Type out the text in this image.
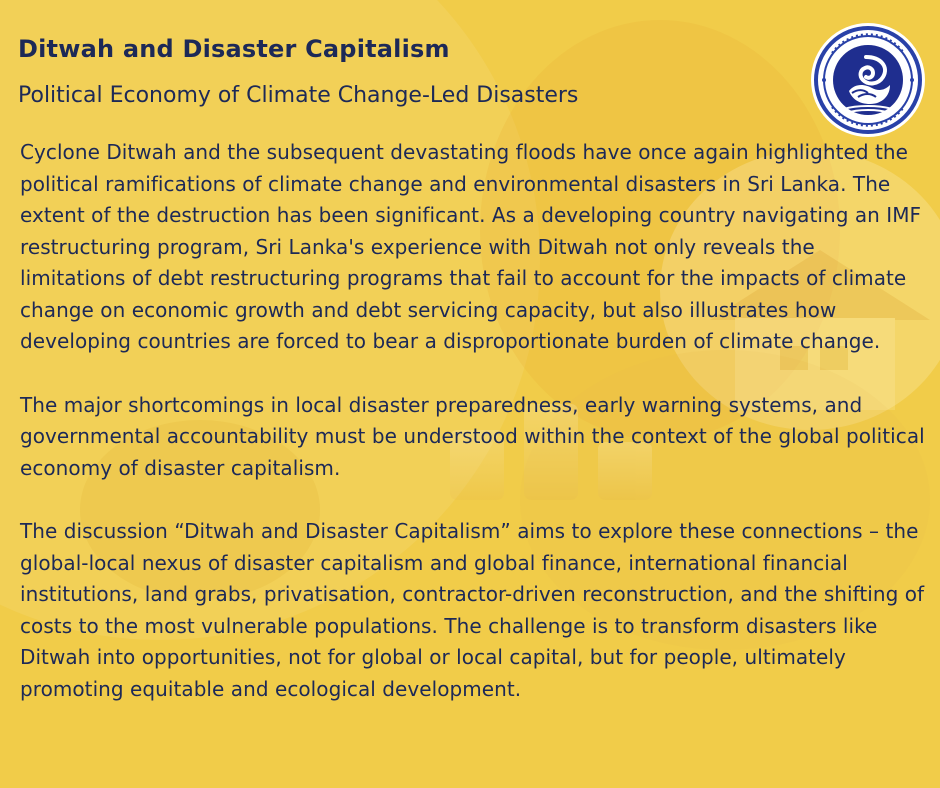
Ditwah and Disaster Capitalism
Political Economy of Climate Change-Led Disasters

Cyclone Ditwah and the subsequent devastating floods have once again highlighted the political ramifications of climate change and environmental disasters in Sri Lanka. The extent of the destruction has been significant. As a developing country navigating an IMF restructuring program, Sri Lanka's experience with Ditwah not only reveals the limitations of debt restructuring programs that fail to account for the impacts of climate change on economic growth and debt servicing capacity, but also illustrates how developing countries are forced to bear a disproportionate burden of climate change.

The major shortcomings in local disaster preparedness, early warning systems, and governmental accountability must be understood within the context of the global political economy of disaster capitalism.

The discussion “Ditwah and Disaster Capitalism” aims to explore these connections – the global-local nexus of disaster capitalism and global finance, international financial institutions, land grabs, privatisation, contractor-driven reconstruction, and the shifting of costs to the most vulnerable populations. The challenge is to transform disasters like Ditwah into opportunities, not for global or local capital, but for people, ultimately promoting equitable and ecological development.
